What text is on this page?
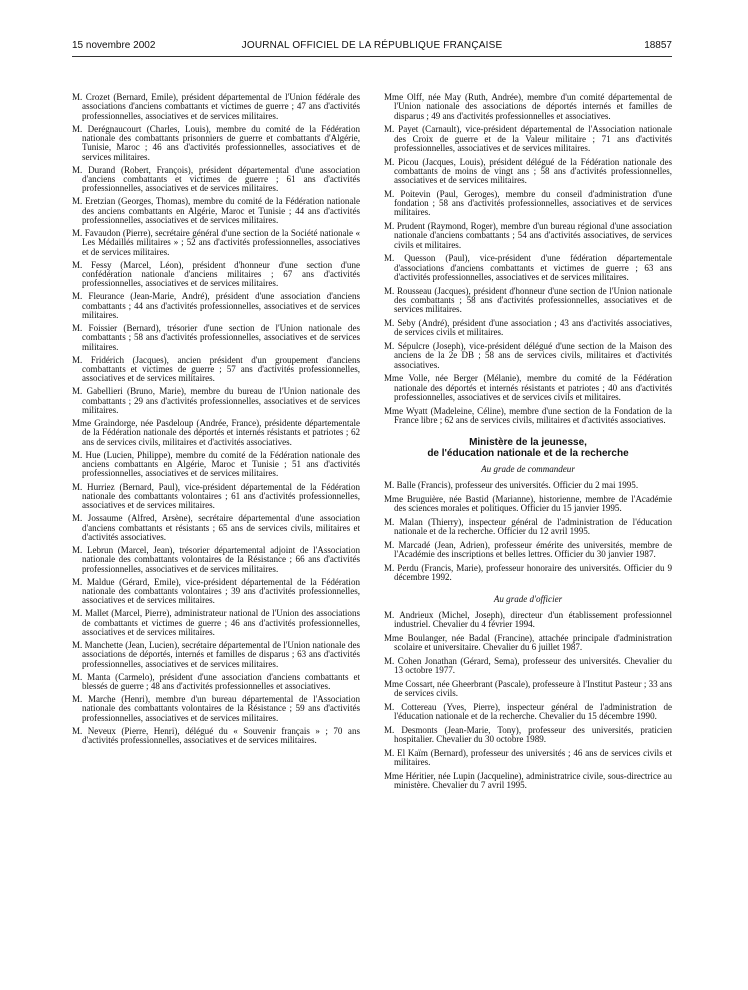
15 novembre 2002	JOURNAL OFFICIEL DE LA RÉPUBLIQUE FRANÇAISE	18857

M. Crozet (Bernard, Emile), président départemental de l'Union fédérale des associations d'anciens combattants et victimes de guerre ; 47 ans d'activités professionnelles, associatives et de services militaires.

M. Derégnaucourt (Charles, Louis), membre du comité de la Fédération nationale des combattants prisonniers de guerre et combattants d'Algérie, Tunisie, Maroc ; 46 ans d'activités professionnelles, associatives et de services militaires.

M. Durand (Robert, François), président départemental d'une association d'anciens combattants et victimes de guerre ; 61 ans d'activités professionnelles, associatives et de services militaires.

M. Eretzian (Georges, Thomas), membre du comité de la Fédération nationale des anciens combattants en Algérie, Maroc et Tunisie ; 44 ans d'activités professionnelles, associatives et de services militaires.

M. Favaudon (Pierre), secrétaire général d'une section de la Société nationale « Les Médaillés militaires » ; 52 ans d'activités professionnelles, associatives et de services militaires.

M. Fessy (Marcel, Léon), président d'honneur d'une section d'une confédération nationale d'anciens militaires ; 67 ans d'activités professionnelles, associatives et de services militaires.

M. Fleurance (Jean-Marie, André), président d'une association d'anciens combattants ; 44 ans d'activités professionnelles, associatives et de services militaires.

M. Foissier (Bernard), trésorier d'une section de l'Union nationale des combattants ; 58 ans d'activités professionnelles, associatives et de services militaires.

M. Fridérich (Jacques), ancien président d'un groupement d'anciens combattants et victimes de guerre ; 57 ans d'activités professionnelles, associatives et de services militaires.

M. Gabellieri (Bruno, Marie), membre du bureau de l'Union nationale des combattants ; 29 ans d'activités professionnelles, associatives et de services militaires.

Mme Graindorge, née Pasdeloup (Andrée, France), présidente départementale de la Fédération nationale des déportés et internés résistants et patriotes ; 62 ans de services civils, militaires et d'activités associatives.

M. Hue (Lucien, Philippe), membre du comité de la Fédération nationale des anciens combattants en Algérie, Maroc et Tunisie ; 51 ans d'activités professionnelles, associatives et de services militaires.

M. Hurriez (Bernard, Paul), vice-président départemental de la Fédération nationale des combattants volontaires ; 61 ans d'activités professionnelles, associatives et de services militaires.

M. Jossaume (Alfred, Arsène), secrétaire départemental d'une association d'anciens combattants et résistants ; 65 ans de services civils, militaires et d'activités associatives.

M. Lebrun (Marcel, Jean), trésorier départemental adjoint de l'Association nationale des combattants volontaires de la Résistance ; 66 ans d'activités professionnelles, associatives et de services militaires.

M. Maldue (Gérard, Emile), vice-président départemental de la Fédération nationale des combattants volontaires ; 39 ans d'activités professionnelles, associatives et de services militaires.

M. Mallet (Marcel, Pierre), administrateur national de l'Union des associations de combattants et victimes de guerre ; 46 ans d'activités professionnelles, associatives et de services militaires.

M. Manchette (Jean, Lucien), secrétaire départemental de l'Union nationale des associations de déportés, internés et familles de disparus ; 63 ans d'activités professionnelles, associatives et de services militaires.

M. Manta (Carmelo), président d'une association d'anciens combattants et blessés de guerre ; 48 ans d'activités professionnelles et associatives.

M. Marche (Henri), membre d'un bureau départemental de l'Association nationale des combattants volontaires de la Résistance ; 59 ans d'activités professionnelles, associatives et de services militaires.

M. Neveux (Pierre, Henri), délégué du « Souvenir français » ; 70 ans d'activités professionnelles, associatives et de services militaires.

Mme Olff, née May (Ruth, Andrée), membre d'un comité départemental de l'Union nationale des associations de déportés internés et familles de disparus ; 49 ans d'activités professionnelles et associatives.

M. Payet (Carnault), vice-président départemental de l'Association nationale des Croix de guerre et de la Valeur militaire ; 71 ans d'activités professionnelles, associatives et de services militaires.

M. Picou (Jacques, Louis), président délégué de la Fédération nationale des combattants de moins de vingt ans ; 58 ans d'activités professionnelles, associatives et de services militaires.

M. Poitevin (Paul, Geroges), membre du conseil d'administration d'une fondation ; 58 ans d'activités professionnelles, associatives et de services militaires.

M. Prudent (Raymond, Roger), membre d'un bureau régional d'une association nationale d'anciens combattants ; 54 ans d'activités associatives, de services civils et militaires.

M. Quesson (Paul), vice-président d'une fédération départementale d'associations d'anciens combattants et victimes de guerre ; 63 ans d'activités professionnelles, associatives et de services militaires.

M. Rousseau (Jacques), président d'honneur d'une section de l'Union nationale des combattants ; 58 ans d'activités professionnelles, associatives et de services militaires.

M. Seby (André), président d'une association ; 43 ans d'activités associatives, de services civils et militaires.

M. Sépulcre (Joseph), vice-président délégué d'une section de la Maison des anciens de la 2e DB ; 58 ans de services civils, militaires et d'activités associatives.

Mme Volle, née Berger (Mélanie), membre du comité de la Fédération nationale des déportés et internés résistants et patriotes ; 40 ans d'activités professionnelles, associatives et de services civils et militaires.

Mme Wyatt (Madeleine, Céline), membre d'une section de la Fondation de la France libre ; 62 ans de services civils, militaires et d'activités associatives.

Ministère de la jeunesse,
de l'éducation nationale et de la recherche
Au grade de commandeur

M. Balle (Francis), professeur des universités. Officier du 2 mai 1995.

Mme Bruguière, née Bastid (Marianne), historienne, membre de l'Académie des sciences morales et politiques. Officier du 15 janvier 1995.

M. Malan (Thierry), inspecteur général de l'administration de l'éducation nationale et de la recherche. Officier du 12 avril 1995.

M. Marcadé (Jean, Adrien), professeur émérite des universités, membre de l'Académie des inscriptions et belles lettres. Officier du 30 janvier 1987.

M. Perdu (Francis, Marie), professeur honoraire des universités. Officier du 9 décembre 1992.

Au grade d'officier

M. Andrieux (Michel, Joseph), directeur d'un établissement professionnel industriel. Chevalier du 4 février 1994.

Mme Boulanger, née Badal (Francine), attachée principale d'administration scolaire et universitaire. Chevalier du 6 juillet 1987.

M. Cohen Jonathan (Gérard, Sema), professeur des universités. Chevalier du 13 octobre 1977.

Mme Cossart, née Gheerbrant (Pascale), professeure à l'Institut Pasteur ; 33 ans de services civils.

M. Cottereau (Yves, Pierre), inspecteur général de l'administration de l'éducation nationale et de la recherche. Chevalier du 15 décembre 1990.

M. Desmonts (Jean-Marie, Tony), professeur des universités, praticien hospitalier. Chevalier du 30 octobre 1989.

M. El Kaïm (Bernard), professeur des universités ; 46 ans de services civils et militaires.

Mme Héritier, née Lupin (Jacqueline), administratrice civile, sous-directrice au ministère. Chevalier du 7 avril 1995.
